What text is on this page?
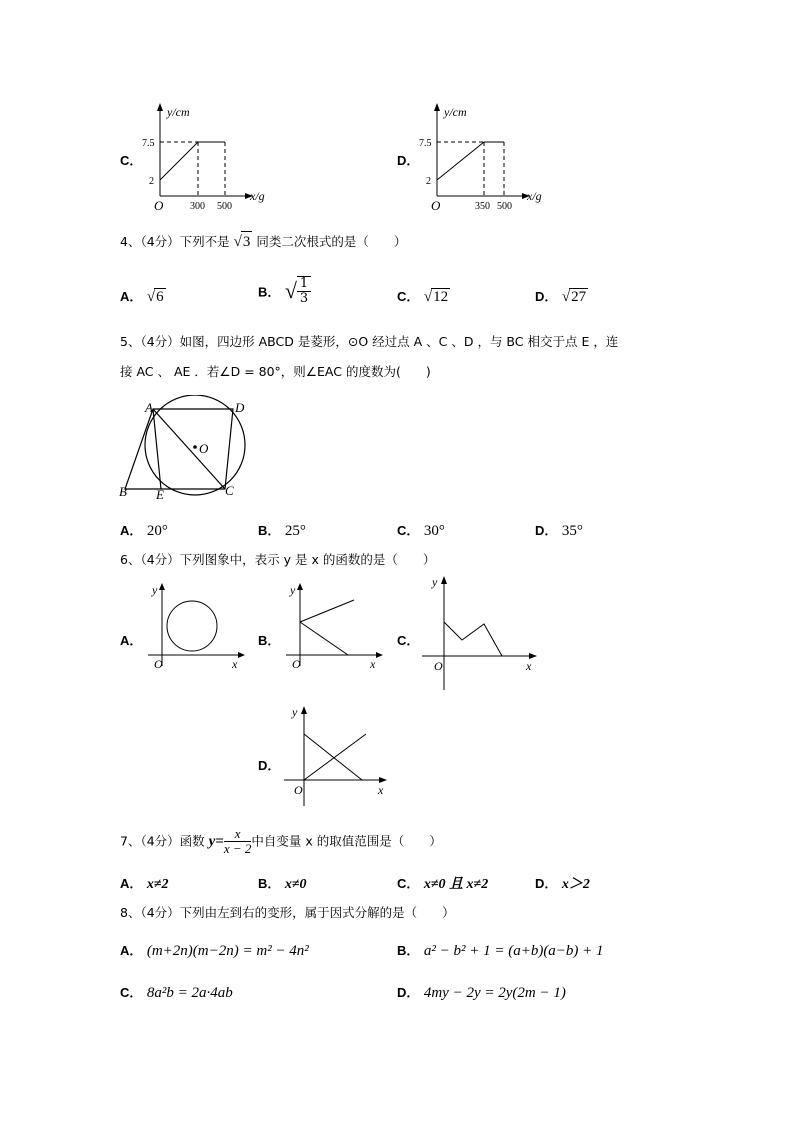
C．
y/cm
x/g
7.5
2
O	300 500
D．
y/cm
x/g
7.5
2
O	350 500
4、（4分）下列不是 √3 同类二次根式的是（　　）
A． √6	B． √ $\frac{1}{3}$	C． √12	D． √27
5、（4分）如图，四边形 ABCD 是菱形，⊙O 经过点 A 、C 、D ，与 BC 相交于点 E ，连
接 AC 、 AE ．若∠D = 80°，则∠EAC 的度数为(　　)
A	D
O
B E	C
A． 20°	B． 25°	C． 30°	D． 35°
6、（4分）下列图象中，表示 y 是 x 的函数的是（　　）
A．
y
x
O
B．
y
x
O
C．
y
x
O
D．
y
x
O
7、（4分）函数 $y= \frac{x}{x - 2}$ 中自变量 x 的取值范围是（　　）
A． x≠2	B． x≠0	C． x≠0 且 x≠2	D． x＞2
8、（4分）下列由左到右的变形，属于因式分解的是（　　）
A． (m+2n)(m−2n) = m² − 4n²	B． a² − b² + 1 = (a+b)(a−b) + 1
C． 8a²b = 2a·4ab	D． 4my − 2y = 2y(2m − 1)
